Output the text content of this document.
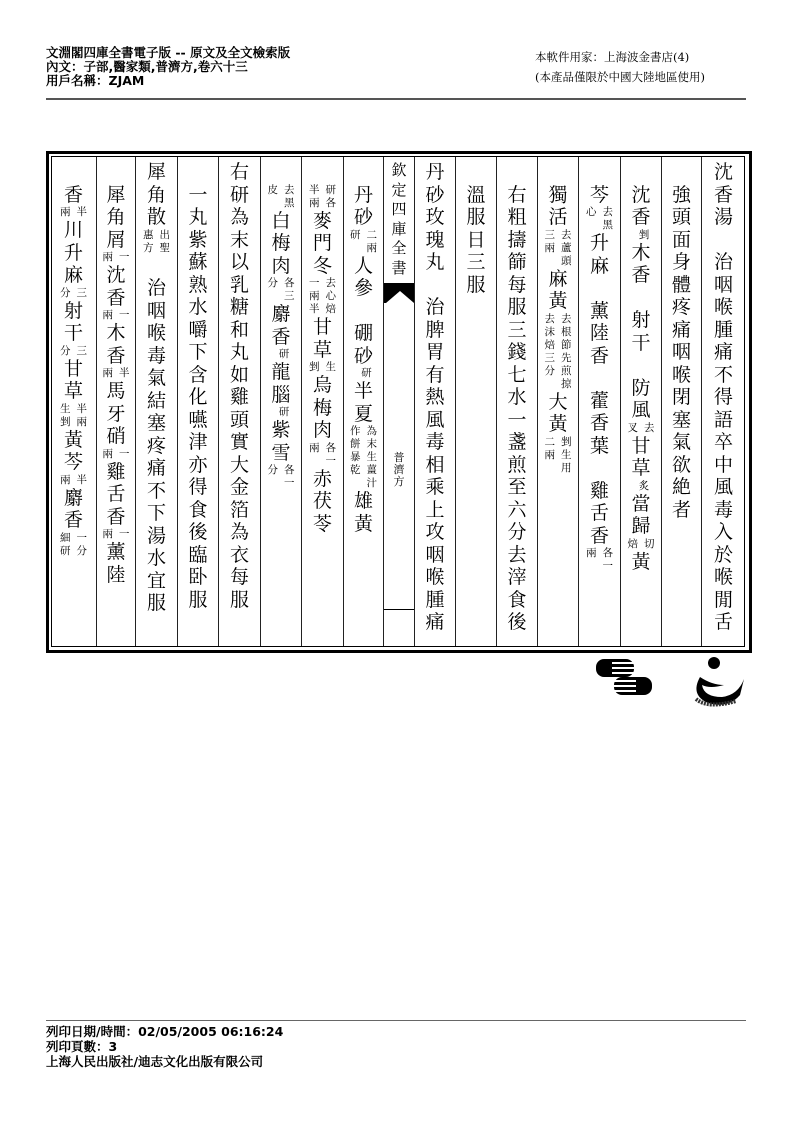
文淵閣四庫全書電子版 -- 原文及全文檢索版
內文：子部,醫家類,普濟方,卷六十三
用戶名稱：ZJAM
本軟件用家：上海波金書店(4)
(本產品僅限於中國大陸地區使用)
沈
香
湯
治
咽
喉
腫
痛
不
得
語
卒
中
風
毒
入
於
喉
閒
舌
強
頭
面
身
體
疼
痛
咽
喉
閉
塞
氣
欲
絶
者
沈
香
剉
木
香
射
干
防
風
去
叉
甘
草
炙
當
歸
切
焙
黃
芩
去
黑
心
升
麻
薰
陸
香
藿
香
葉
雞
舌
香
各
一
兩
獨
活
去
蘆
頭
三
兩
麻
黃
去
根
節
先
煎
掠
去
沫
焙
三
分
大
黃
剉
生
用
二
兩
右
粗
擣
篩
每
服
三
錢
七
水
一
盞
煎
至
六
分
去
滓
食
後
溫
服
日
三
服
丹
砂
玫
瑰
丸
治
脾
胃
有
熱
風
毒
相
乘
上
攻
咽
喉
腫
痛
丹
砂
二
兩
研
人
參
硼
砂
研
半
夏
為
末
生
薑
汁
作
餅
暴
乾
雄
黃
研
各
半
兩
麥
門
冬
去
心
焙
一
兩
半
甘
草
生
剉
烏
梅
肉
各
一
兩
赤
茯
苓
去
黑
皮
白
梅
肉
各
三
分
麝
香
研
龍
腦
研
紫
雪
各
一
分
右
研
為
末
以
乳
糖
和
丸
如
雞
頭
實
大
金
箔
為
衣
每
服
一
丸
紫
蘇
熟
水
嚼
下
含
化
嚥
津
亦
得
食
後
臨
卧
服
犀
角
散
出
聖
惠
方
治
咽
喉
毒
氣
結
塞
疼
痛
不
下
湯
水
宜
服
犀
角
屑
一
兩
沈
香
一
兩
木
香
半
兩
馬
牙
硝
一
兩
雞
舌
香
一
兩
薰
陸
香
半
兩
川
升
麻
三
分
射
干
三
分
甘
草
半
兩
生
剉
黃
芩
半
兩
麝
香
一
分
細
研
欽
定
四
庫
全
書
普
濟
方
列印日期/時間：02/05/2005 06:16:24
列印頁數：3
上海人民出版社/迪志文化出版有限公司
